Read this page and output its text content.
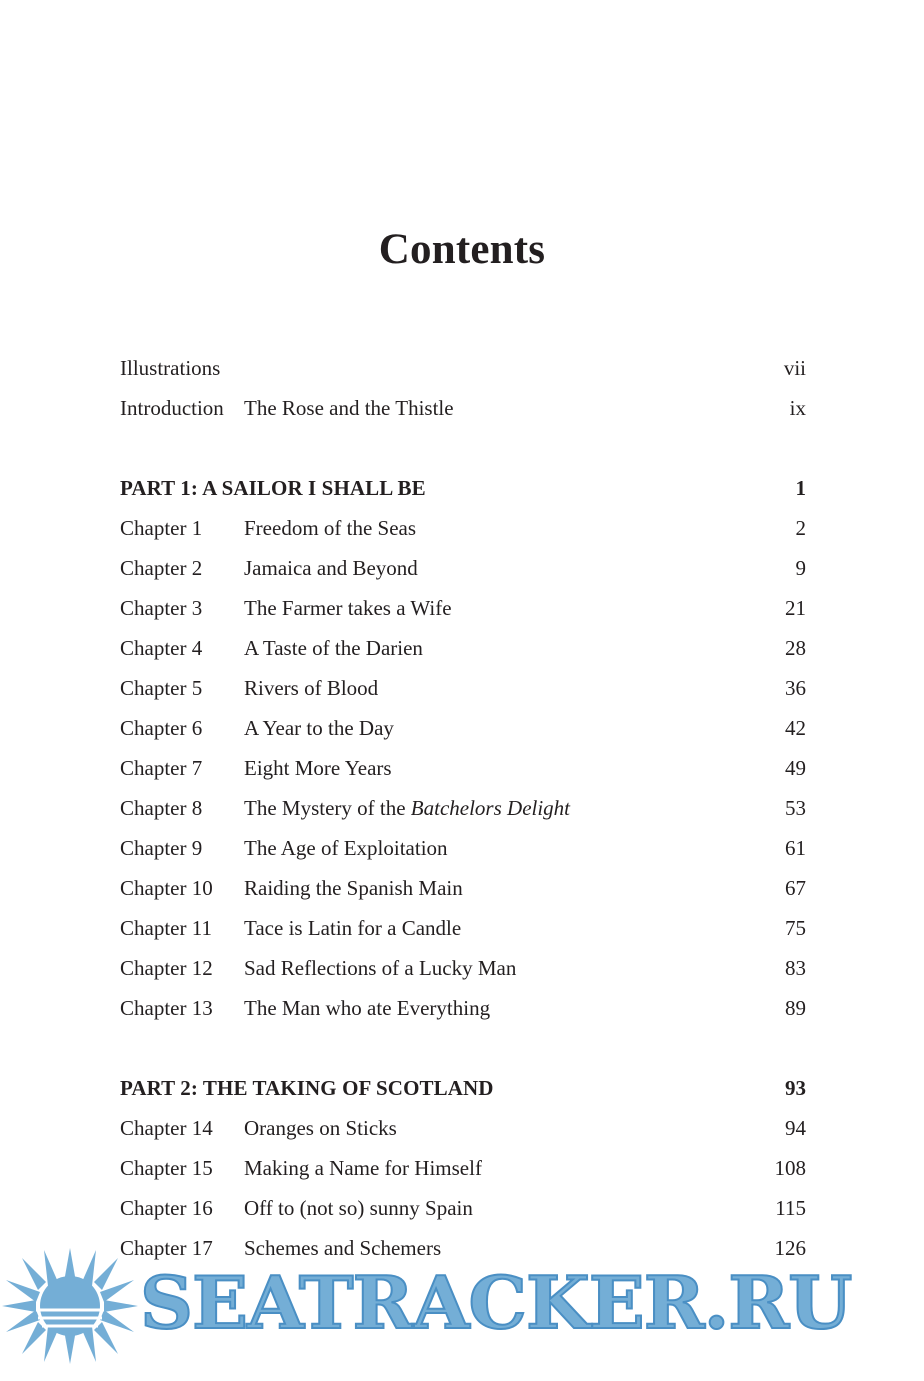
Contents
Illustrations	vii
Introduction The Rose and the Thistle	ix
PART 1: A SAILOR I SHALL BE	1
Chapter 1 Freedom of the Seas	2
Chapter 2 Jamaica and Beyond	9
Chapter 3 The Farmer takes a Wife	21
Chapter 4 A Taste of the Darien	28
Chapter 5 Rivers of Blood	36
Chapter 6 A Year to the Day	42
Chapter 7 Eight More Years	49
Chapter 8 The Mystery of the Batchelors Delight	53
Chapter 9 The Age of Exploitation	61
Chapter 10 Raiding the Spanish Main	67
Chapter 11 Tace is Latin for a Candle	75
Chapter 12 Sad Reflections of a Lucky Man	83
Chapter 13 The Man who ate Everything	89
PART 2: THE TAKING OF SCOTLAND	93
Chapter 14 Oranges on Sticks	94
Chapter 15 Making a Name for Himself	108
Chapter 16 Off to (not so) sunny Spain	115
Chapter 17 Schemes and Schemers	126
SEATRACKER.RU
